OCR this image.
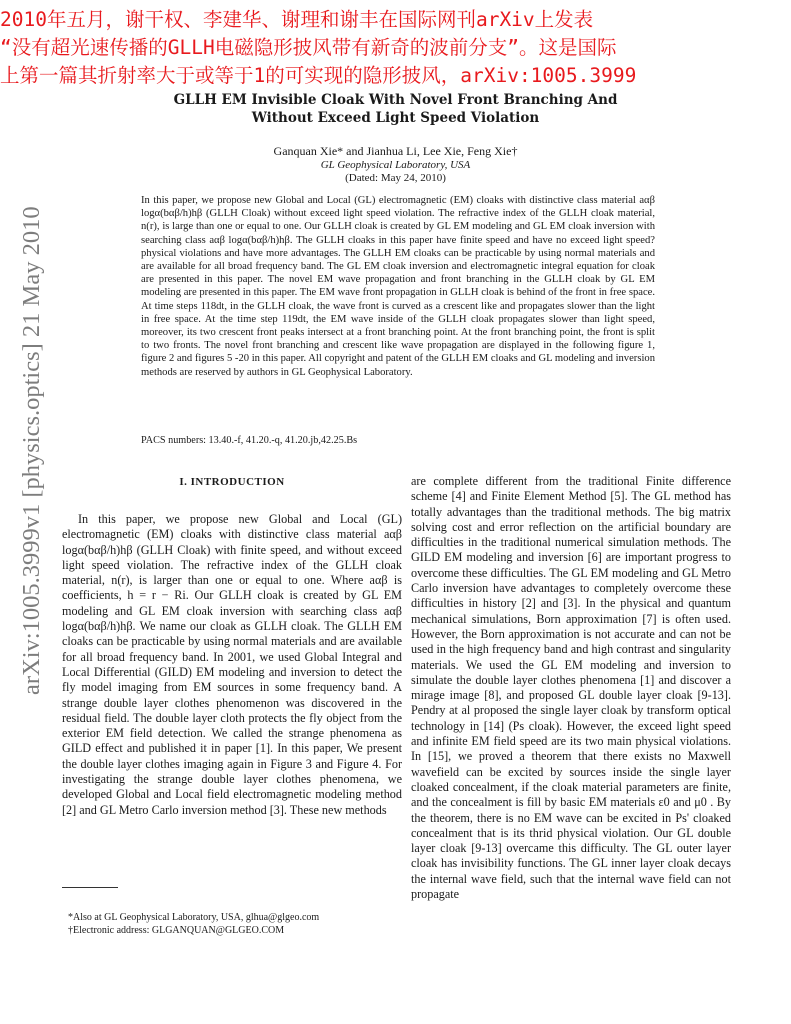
2010年五月，谢干权、李建华、谢理和谢丰在国际网刊arXiv上发表
“没有超光速传播的GLLH电磁隐形披风带有新奇的波前分支”。这是国际
上第一篇其折射率大于或等于1的可实现的隐形披风，arXiv:1005.3999
arXiv:1005.3999v1 [physics.optics] 21 May 2010
GLLH EM Invisible Cloak With Novel Front Branching And
Without Exceed Light Speed Violation
Ganquan Xie* and Jianhua Li, Lee Xie, Feng Xie†
GL Geophysical Laboratory, USA
(Dated: May 24, 2010)
In this paper, we propose new Global and Local (GL) electromagnetic (EM) cloaks with distinctive class material aαβ logα(bαβ/h)hβ (GLLH Cloak) without exceed light speed violation. The refractive index of the GLLH cloak material, n(r), is large than one or equal to one. Our GLLH cloak is created by GL EM modeling and GL EM cloak inversion with searching class aαβ logα(bαβ/h)hβ. The GLLH cloaks in this paper have finite speed and have no exceed light speed? physical violations and have more advantages. The GLLH EM cloaks can be practicable by using normal materials and are available for all broad frequency band. The GL EM cloak inversion and electromagnetic integral equation for cloak are presented in this paper. The novel EM wave propagation and front branching in the GLLH cloak by GL EM modeling are presented in this paper. The EM wave front propagation in GLLH cloak is behind of the front in free space. At time steps 118dt, in the GLLH cloak, the wave front is curved as a crescent like and propagates slower than the light in free space. At the time step 119dt, the EM wave inside of the GLLH cloak propagates slower than light speed, moreover, its two crescent front peaks intersect at a front branching point. At the front branching point, the front is split to two fronts. The novel front branching and crescent like wave propagation are displayed in the following figure 1, figure 2 and figures 5 -20 in this paper. All copyright and patent of the GLLH EM cloaks and GL modeling and inversion methods are reserved by authors in GL Geophysical Laboratory.
PACS numbers: 13.40.-f, 41.20.-q, 41.20.jb,42.25.Bs
I. INTRODUCTION
In this paper, we propose new Global and Local (GL) electromagnetic (EM) cloaks with distinctive class material aαβ logα(bαβ/h)hβ (GLLH Cloak) with finite speed, and without exceed light speed violation. The refractive index of the GLLH cloak material, n(r), is larger than one or equal to one. Where aαβ is coefficients, h = r − Ri. Our GLLH cloak is created by GL EM modeling and GL EM cloak inversion with searching class aαβ logα(bαβ/h)hβ. We name our cloak as GLLH cloak. The GLLH EM cloaks can be practicable by using normal materials and are available for all broad frequency band. In 2001, we used Global Integral and Local Differential (GILD) EM modeling and inversion to detect the fly model imaging from EM sources in some frequency band. A strange double layer clothes phenomenon was discovered in the residual field. The double layer cloth protects the fly object from the exterior EM field detection. We called the strange phenomena as GILD effect and published it in paper [1]. In this paper, We present the double layer clothes imaging again in Figure 3 and Figure 4. For investigating the strange double layer clothes phenomena, we developed Global and Local field electromagnetic modeling method [2] and GL Metro Carlo inversion method [3]. These new methods
are complete different from the traditional Finite difference scheme [4] and Finite Element Method [5]. The GL method has totally advantages than the traditional methods. The big matrix solving cost and error reflection on the artificial boundary are difficulties in the traditional numerical simulation methods. The GILD EM modeling and inversion [6] are important progress to overcome these difficulties. The GL EM modeling and GL Metro Carlo inversion have advantages to completely overcome these difficulties in history [2] and [3]. In the physical and quantum mechanical simulations, Born approximation [7] is often used. However, the Born approximation is not accurate and can not be used in the high frequency band and high contrast and singularity materials. We used the GL EM modeling and inversion to simulate the double layer clothes phenomena [1] and discover a mirage image [8], and proposed GL double layer cloak [9-13]. Pendry at al proposed the single layer cloak by transform optical technology in [14] (Ps cloak). However, the exceed light speed and infinite EM field speed are its two main physical violations. In [15], we proved a theorem that there exists no Maxwell wavefield can be excited by sources inside the single layer cloaked concealment, if the cloak material parameters are finite, and the concealment is fill by basic EM materials ε0 and μ0 . By the theorem, there is no EM wave can be excited in Ps' cloaked concealment that is its thrid physical violation. Our GL double layer cloak [9-13] overcame this difficulty. The GL outer layer cloak has invisibility functions. The GL inner layer cloak decays the internal wave field, such that the internal wave field can not propagate
*Also at GL Geophysical Laboratory, USA, glhua@glgeo.com
†Electronic address: GLGANQUAN@GLGEO.COM
